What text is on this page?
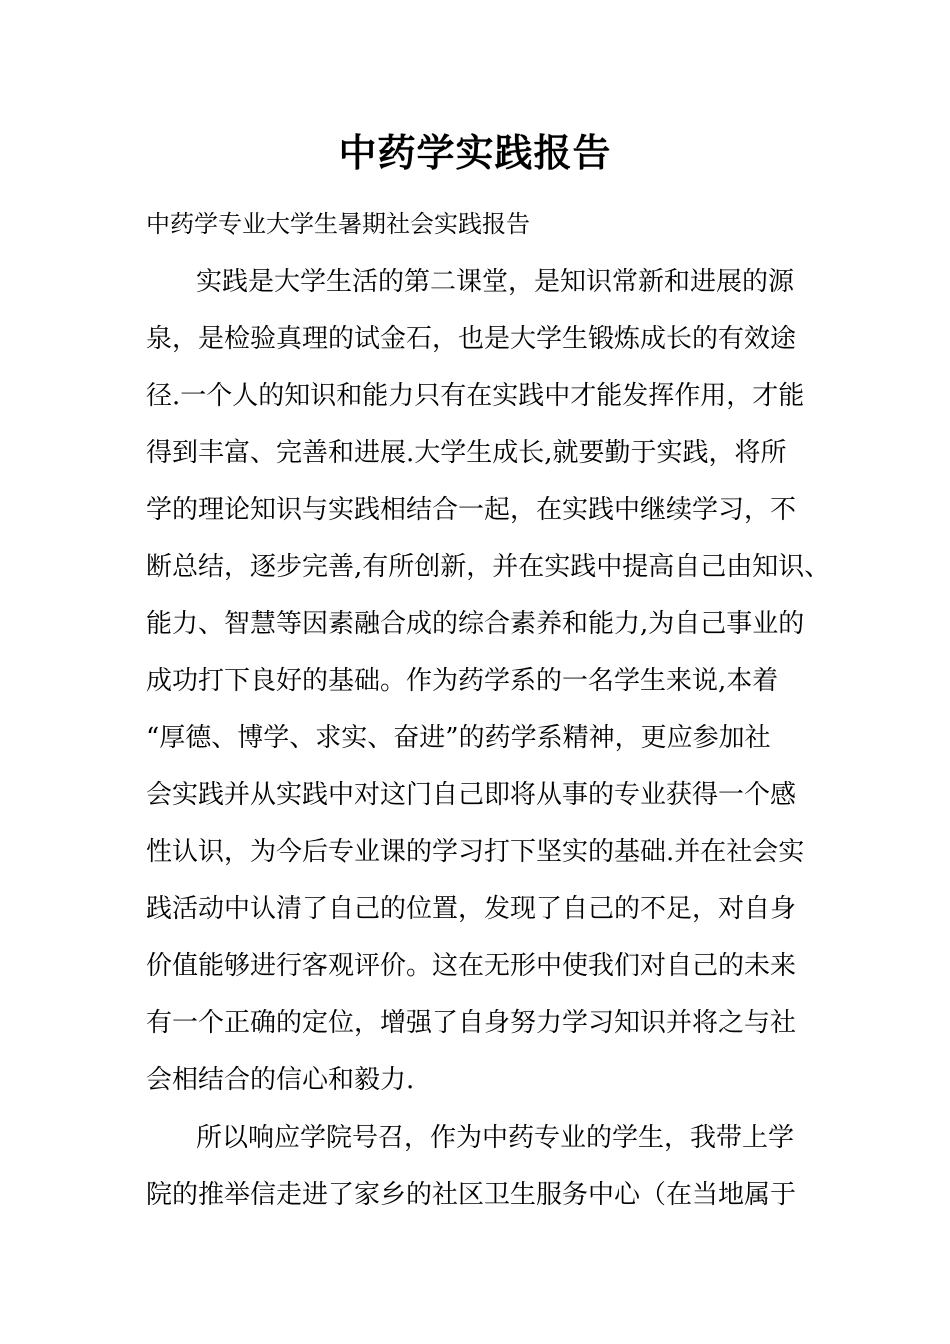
中药学实践报告
中药学专业大学生暑期社会实践报告
实践是大学生活的第二课堂，是知识常新和进展的源
泉，是检验真理的试金石，也是大学生锻炼成长的有效途
径.一个人的知识和能力只有在实践中才能发挥作用，才能
得到丰富、完善和进展.大学生成长,就要勤于实践，将所
学的理论知识与实践相结合一起，在实践中继续学习，不
断总结，逐步完善,有所创新，并在实践中提高自己由知识、
能力、智慧等因素融合成的综合素养和能力,为自己事业的
成功打下良好的基础。作为药学系的一名学生来说,本着
“厚德、博学、求实、奋进”的药学系精神，更应参加社
会实践并从实践中对这门自己即将从事的专业获得一个感
性认识，为今后专业课的学习打下坚实的基础.并在社会实
践活动中认清了自己的位置，发现了自己的不足，对自身
价值能够进行客观评价。这在无形中使我们对自己的未来
有一个正确的定位，增强了自身努力学习知识并将之与社
会相结合的信心和毅力.
所以响应学院号召，作为中药专业的学生，我带上学
院的推举信走进了家乡的社区卫生服务中心（在当地属于
